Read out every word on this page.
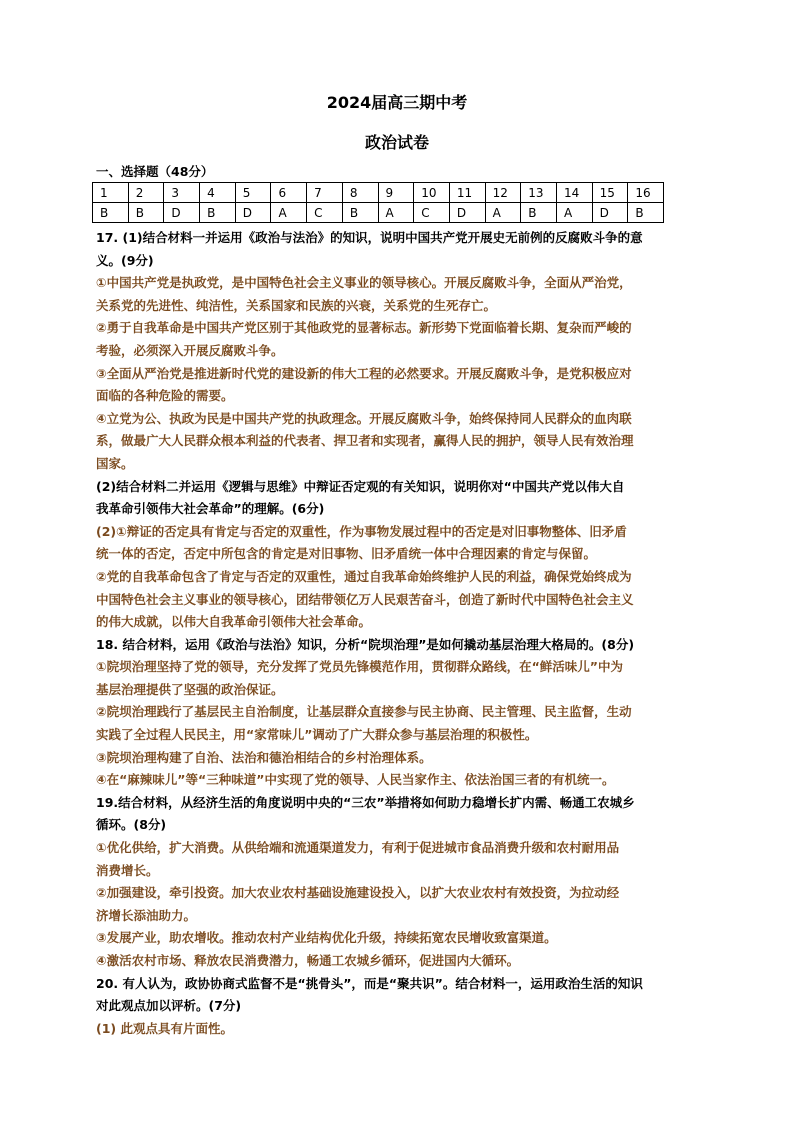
2024届高三期中考
政治试卷
一、选择题（48分）
1	2	3	4	5	6	7	8	9	10	11	12	13	14	15	16
B	B	D	B	D	A	C	B	A	C	D	A	B	A	D	B

17. (1)结合材料一并运用《政治与法治》的知识，说明中国共产党开展史无前例的反腐败斗争的意

义。(9分)

①中国共产党是执政党，是中国特色社会主义事业的领导核心。开展反腐败斗争，全面从严治党，

关系党的先进性、纯洁性，关系国家和民族的兴衰，关系党的生死存亡。

②勇于自我革命是中国共产党区别于其他政党的显著标志。新形势下党面临着长期、复杂而严峻的

考验，必须深入开展反腐败斗争。

③全面从严治党是推进新时代党的建设新的伟大工程的必然要求。开展反腐败斗争，是党积极应对

面临的各种危险的需要。

④立党为公、执政为民是中国共产党的执政理念。开展反腐败斗争，始终保持同人民群众的血肉联

系，做最广大人民群众根本利益的代表者、捍卫者和实现者，赢得人民的拥护，领导人民有效治理

国家。

(2)结合材料二并运用《逻辑与思维》中辩证否定观的有关知识，说明你对“中国共产党以伟大自

我革命引领伟大社会革命”的理解。(6分)

(2)①辩证的否定具有肯定与否定的双重性，作为事物发展过程中的否定是对旧事物整体、旧矛盾

统一体的否定，否定中所包含的肯定是对旧事物、旧矛盾统一体中合理因素的肯定与保留。

②党的自我革命包含了肯定与否定的双重性，通过自我革命始终维护人民的利益，确保党始终成为

中国特色社会主义事业的领导核心，团结带领亿万人民艰苦奋斗，创造了新时代中国特色社会主义

的伟大成就，以伟大自我革命引领伟大社会革命。

18. 结合材料，运用《政治与法治》知识，分析“院坝治理”是如何撬动基层治理大格局的。(8分)

①院坝治理坚持了党的领导，充分发挥了党员先锋模范作用，贯彻群众路线，在“鲜活味儿”中为

基层治理提供了坚强的政治保证。

②院坝治理践行了基层民主自治制度，让基层群众直接参与民主协商、民主管理、民主监督，生动

实践了全过程人民民主，用“家常味儿”调动了广大群众参与基层治理的积极性。

③院坝治理构建了自治、法治和德治相结合的乡村治理体系。

④在“麻辣味儿”等“三种味道”中实现了党的领导、人民当家作主、依法治国三者的有机统一。

19.结合材料，从经济生活的角度说明中央的“三农”举措将如何助力稳增长扩内需、畅通工农城乡

循环。(8分)

①优化供给，扩大消费。从供给端和流通渠道发力，有利于促进城市食品消费升级和农村耐用品

消费增长。

②加强建设，牵引投资。加大农业农村基础设施建设投入，以扩大农业农村有效投资，为拉动经

济增长添油助力。

③发展产业，助农增收。推动农村产业结构优化升级，持续拓宽农民增收致富渠道。

④激活农村市场、释放农民消费潜力，畅通工农城乡循环，促进国内大循环。

20. 有人认为，政协协商式监督不是“挑骨头”，而是“聚共识”。结合材料一，运用政治生活的知识

对此观点加以评析。(7分)

(1) 此观点具有片面性。
